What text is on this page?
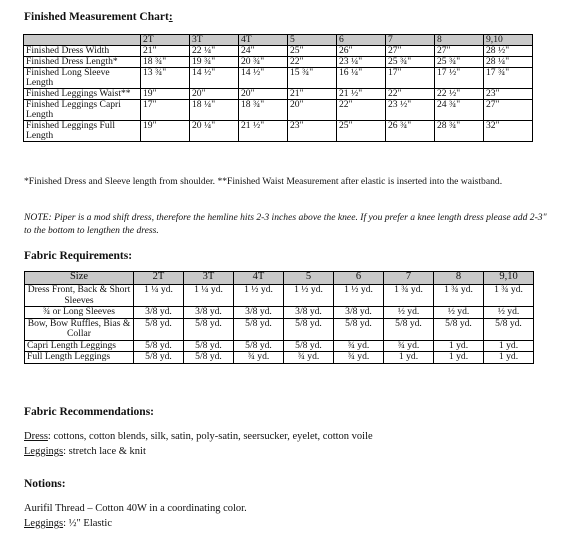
Finished Measurement Chart:
	2T	3T	4T	5	6	7	8	9,10
Finished Dress Width	21"	22 ¼"	24"	25"	26"	27"	27"	28 ½"
Finished Dress Length*	18 ¾"	19 ¾"	20 ¾"	22"	23 ¼"	25 ¾"	25 ¾"	28 ¼"
Finished Long Sleeve Length	13 ¾"	14 ½"	14 ½"	15 ¾"	16 ¼"	17"	17 ½"	17 ¾"
Finished Leggings Waist**	19"	20"	20"	21"	21 ½"	22"	22 ½"	23"
Finished Leggings Capri Length	17"	18 ¼"	18 ¾"	20"	22"	23 ½"	24 ¾"	27"
Finished Leggings Full Length	19"	20 ¼"	21 ½"	23"	25"	26 ¾"	28 ¾"	32"
*Finished Dress and Sleeve length from shoulder. **Finished Waist Measurement after elastic is inserted into the waistband.
NOTE: Piper is a mod shift dress, therefore the hemline hits 2-3 inches above the knee. If you prefer a knee length dress please add 2-3" to the bottom to lengthen the dress.
Fabric Requirements:
Size	2T	3T	4T	5	6	7	8	9,10
Dress Front, Back & Short Sleeves	1 ¼ yd.	1 ¼ yd.	1 ½ yd.	1 ½ yd.	1 ½ yd.	1 ¾ yd.	1 ¾ yd.	1 ¾ yd.
¾ or Long Sleeves	3/8 yd.	3/8 yd.	3/8 yd.	3/8 yd.	3/8 yd.	½ yd.	½ yd.	½ yd.
Bow, Bow Ruffles, Bias & Collar	5/8 yd.	5/8 yd.	5/8 yd.	5/8 yd.	5/8 yd.	5/8 yd.	5/8 yd.	5/8 yd.
Capri Length Leggings	5/8 yd.	5/8 yd.	5/8 yd.	5/8 yd.	¾ yd.	¾ yd.	1 yd.	1 yd.
Full Length Leggings	5/8 yd.	5/8 yd.	¾ yd.	¾ yd.	¾ yd.	1 yd.	1 yd.	1 yd.
Fabric Recommendations:
Dress: cottons, cotton blends, silk, satin, poly-satin, seersucker, eyelet, cotton voile
Leggings: stretch lace & knit
Notions:
Aurifil Thread – Cotton 40W in a coordinating color.
Leggings: ½" Elastic
